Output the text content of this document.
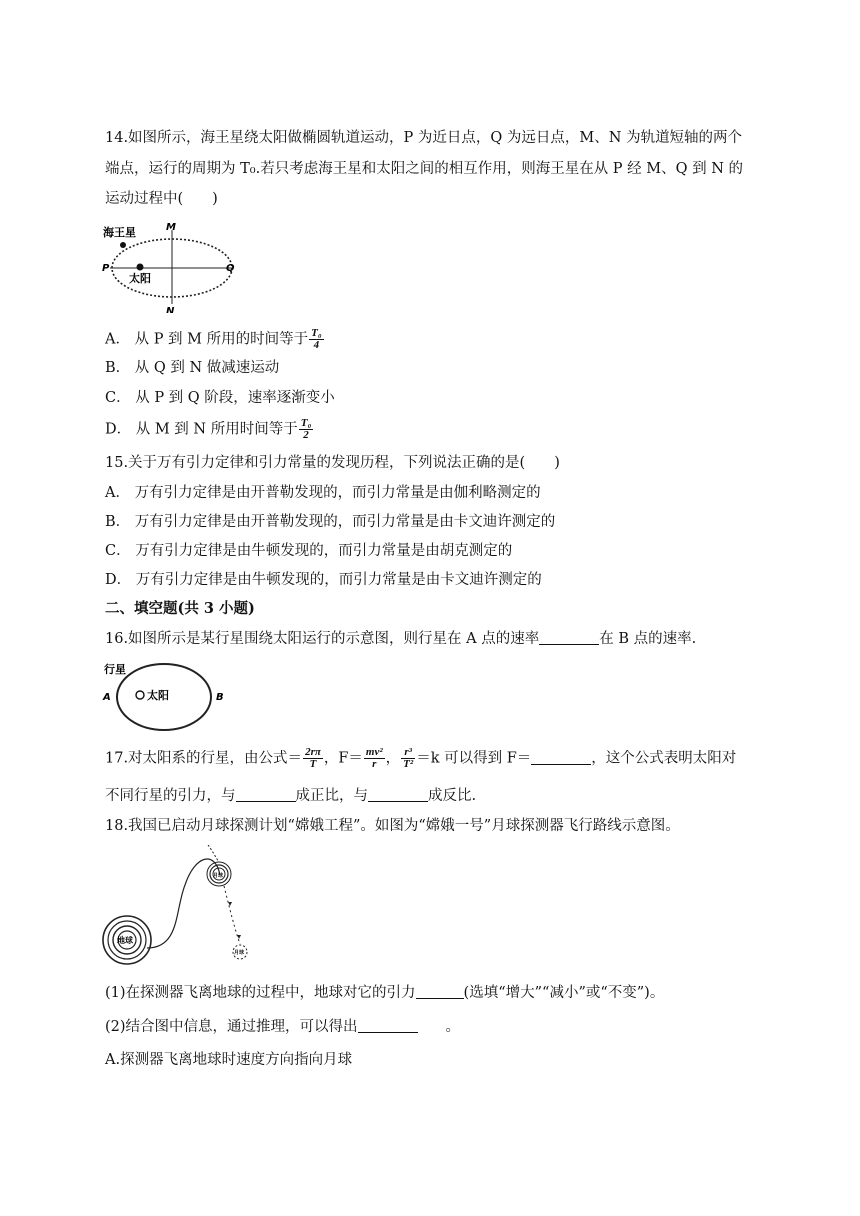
14.如图所示，海王星绕太阳做椭圆轨道运动，P 为近日点，Q 为远日点，M、N 为轨道短轴的两个
端点，运行的周期为 T₀.若只考虑海王星和太阳之间的相互作用，则海王星在从 P 经 M、Q 到 N 的
运动过程中(　　)
海王星
太阳
M
N
P	Q
A． 从 P 到 M 所用的时间等于 $\frac{\text{T₀}}{4}$
B． 从 Q 到 N 做减速运动
C． 从 P 到 Q 阶段，速率逐渐变小
D． 从 M 到 N 所用时间等于 $\frac{\text{T₀}}{2}$
15.关于万有引力定律和引力常量的发现历程，下列说法正确的是(　　)
A． 万有引力定律是由开普勒发现的，而引力常量是由伽利略测定的
B． 万有引力定律是由开普勒发现的，而引力常量是由卡文迪许测定的
C． 万有引力定律是由牛顿发现的，而引力常量是由胡克测定的
D． 万有引力定律是由牛顿发现的，而引力常量是由卡文迪许测定的
二、填空题(共 3 小题)
16.如图所示是某行星围绕太阳运行的示意图，则行星在 A 点的速率	在 B 点的速率.
行星
太阳
A	B
17.对太阳系的行星，由公式＝ $\frac{2r\pi}{T}$ ，$F= \frac{\text{mv²}}{r}$ ， $\frac{\text{r³}}{\text{T²}} =k$ 可以得到 F＝	，这个公式表明太阳对
不同行星的引力，与	成正比，与	成反比.
18.我国已启动月球探测计划“嫦娥工程”。如图为“嫦娥一号”月球探测器飞行路线示意图。
地球
月球
月球
(1)在探测器飞离地球的过程中，地球对它的引力	(选填“增大”“减小”或“不变”)。
(2)结合图中信息，通过推理，可以得出	。
A.探测器飞离地球时速度方向指向月球
